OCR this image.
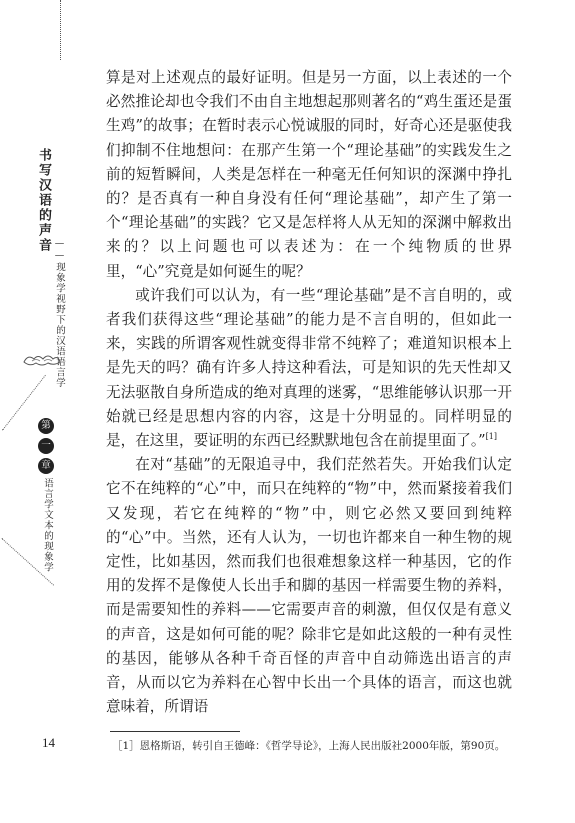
书写汉语的声音
——现象学视野下的汉语语言学
第
一
章
语言学文本的现象学

算是对上述观点的最好证明。但是另一方面，以上表述的一个必然推论却也令我们不由自主地想起那则著名的“鸡生蛋还是蛋生鸡”的故事；在暂时表示心悦诚服的同时，好奇心还是驱使我们抑制不住地想问：在那产生第一个“理论基础”的实践发生之前的短暂瞬间，人类是怎样在一种毫无任何知识的深渊中挣扎的？是否真有一种自身没有任何“理论基础”，却产生了第一个“理论基础”的实践？它又是怎样将人从无知的深渊中解救出来的？以上问题也可以表述为：在一个纯物质的世界里，“心”究竟是如何诞生的呢？

或许我们可以认为，有一些“理论基础”是不言自明的，或者我们获得这些“理论基础”的能力是不言自明的，但如此一来，实践的所谓客观性就变得非常不纯粹了；难道知识根本上是先天的吗？确有许多人持这种看法，可是知识的先天性却又无法驱散自身所造成的绝对真理的迷雾，“思维能够认识那一开始就已经是思想内容的内容，这是十分明显的。同样明显的是，在这里，要证明的东西已经默默地包含在前提里面了。”[1]

在对“基础”的无限追寻中，我们茫然若失。开始我们认定它不在纯粹的“心”中，而只在纯粹的“物”中，然而紧接着我们又发现，若它在纯粹的“物”中，则它必然又要回到纯粹的“心”中。当然，还有人认为，一切也许都来自一种生物的规定性，比如基因，然而我们也很难想象这样一种基因，它的作用的发挥不是像使人长出手和脚的基因一样需要生物的养料，而是需要知性的养料——它需要声音的刺激，但仅仅是有意义的声音，这是如何可能的呢？除非它是如此这般的一种有灵性的基因，能够从各种千奇百怪的声音中自动筛选出语言的声音，从而以它为养料在心智中长出一个具体的语言，而这也就意味着，所谓语

［1］恩格斯语，转引自王德峰：《哲学导论》，上海人民出版社2000年版，第90页。
14
